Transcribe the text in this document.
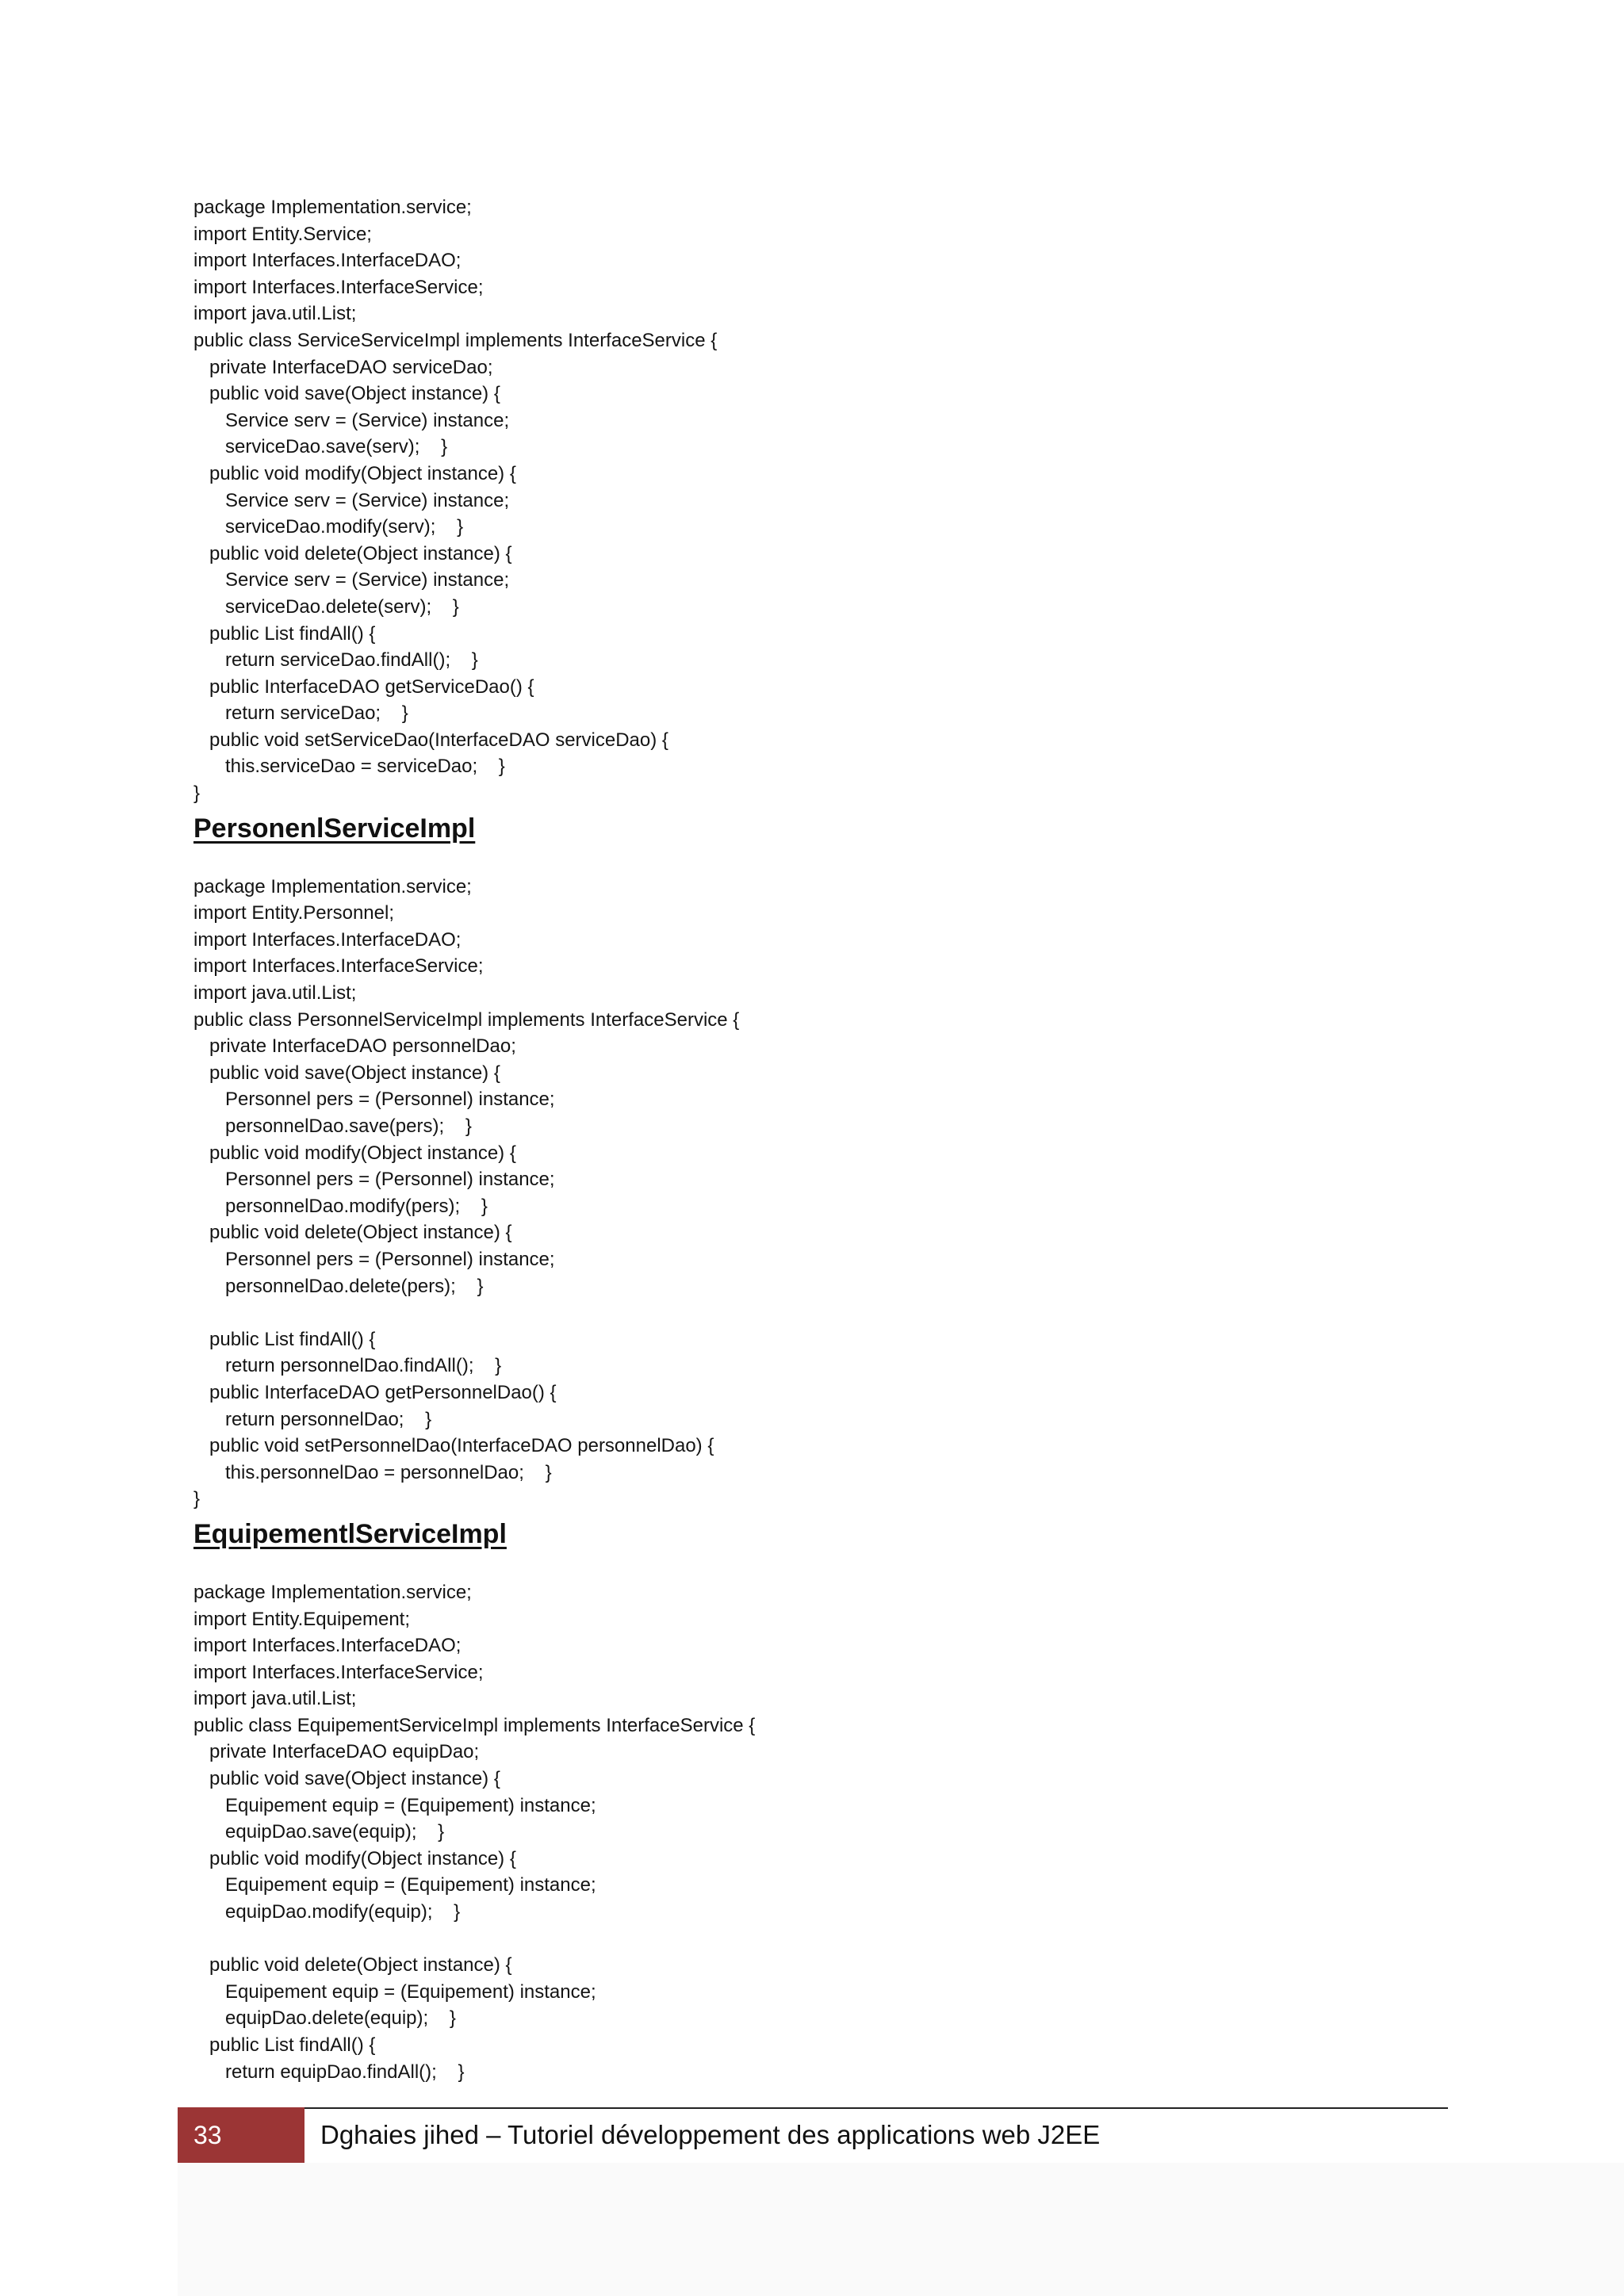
package Implementation.service;
import Entity.Service;
import Interfaces.InterfaceDAO;
import Interfaces.InterfaceService;
import java.util.List;
public class ServiceServiceImpl implements InterfaceService {
private InterfaceDAO serviceDao;
public void save(Object instance) {
Service serv = (Service) instance;
serviceDao.save(serv);    }
public void modify(Object instance) {
Service serv = (Service) instance;
serviceDao.modify(serv);    }
public void delete(Object instance) {
Service serv = (Service) instance;
serviceDao.delete(serv);    }
public List findAll() {
return serviceDao.findAll();    }
public InterfaceDAO getServiceDao() {
return serviceDao;    }
public void setServiceDao(InterfaceDAO serviceDao) {
this.serviceDao = serviceDao;    }
}
PersonenlServiceImpl
package Implementation.service;
import Entity.Personnel;
import Interfaces.InterfaceDAO;
import Interfaces.InterfaceService;
import java.util.List;
public class PersonnelServiceImpl implements InterfaceService {
private InterfaceDAO personnelDao;
public void save(Object instance) {
Personnel pers = (Personnel) instance;
personnelDao.save(pers);    }
public void modify(Object instance) {
Personnel pers = (Personnel) instance;
personnelDao.modify(pers);    }
public void delete(Object instance) {
Personnel pers = (Personnel) instance;
personnelDao.delete(pers);    }
public List findAll() {
return personnelDao.findAll();    }
public InterfaceDAO getPersonnelDao() {
return personnelDao;    }
public void setPersonnelDao(InterfaceDAO personnelDao) {
this.personnelDao = personnelDao;    }
}
EquipementlServiceImpl
package Implementation.service;
import Entity.Equipement;
import Interfaces.InterfaceDAO;
import Interfaces.InterfaceService;
import java.util.List;
public class EquipementServiceImpl implements InterfaceService {
private InterfaceDAO equipDao;
public void save(Object instance) {
Equipement equip = (Equipement) instance;
equipDao.save(equip);    }
public void modify(Object instance) {
Equipement equip = (Equipement) instance;
equipDao.modify(equip);    }
public void delete(Object instance) {
Equipement equip = (Equipement) instance;
equipDao.delete(equip);    }
public List findAll() {
return equipDao.findAll();    }
33	Dghaies jihed – Tutoriel développement des applications web J2EE
